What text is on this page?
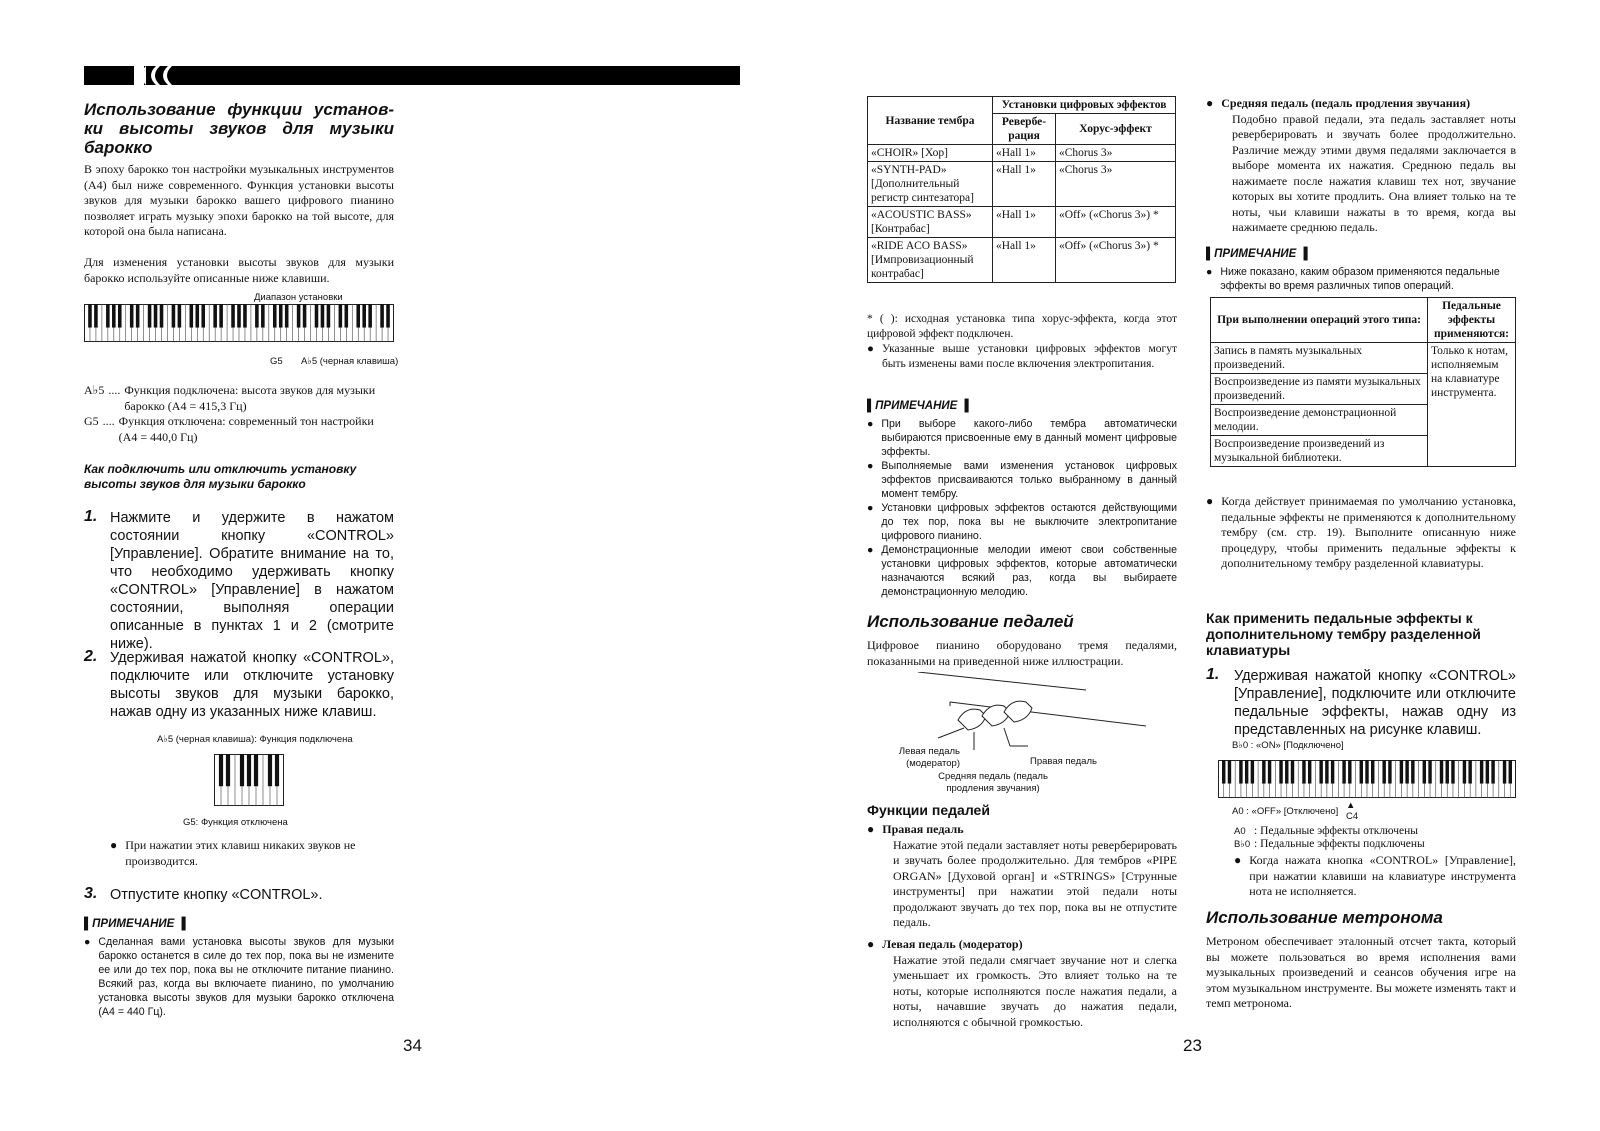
Использование функции установ-
ки высоты звуков для музыки
барокко
В эпоху барокко тон настройки музыкальных инструментов (A4) был ниже современного. Функция установки высоты звуков для музыки барокко вашего цифрового пианино позволяет играть музыку эпохи барокко на той высоте, для которой она была написана.
Для изменения установки высоты звуков для музыки барокко используйте описанные ниже клавиши.
Диапазон установки
G5 A♭5 (черная клавиша)
A♭5 .... Функция подключена: высота звуков для музыки барокко (А4 = 415,3 Гц)
G5 .... Функция отключена: современный тон настройки (А4 = 440,0 Гц)
Как подключить или отключить установку высоты звуков для музыки барокко
1. Нажмите и удержите в нажатом состоянии кнопку «CONTROL» [Управление]. Обратите внимание на то, что необходимо удерживать кнопку «CONTROL» [Управление] в нажатом состоянии, выполняя операции описанные в пунктах 1 и 2 (смотрите ниже).
2. Удерживая нажатой кнопку «CONTROL», подключите или отключите установку высоты звуков для музыки барокко, нажав одну из указанных ниже клавиш.
A♭5 (черная клавиша): Функция подключена
G5: Функция отключена
● При нажатии этих клавиш никаких звуков не производится.
3. Отпустите кнопку «CONTROL».
▌ПРИМЕЧАНИЕ ▐
● Сделанная вами установка высоты звуков для музыки барокко останется в силе до тех пор, пока вы не измените ее или до тех пор, пока вы не отключите питание пианино. Всякий раз, когда вы включаете пианино, по умолчанию установка высоты звуков для музыки барокко отключена (А4 = 440 Гц).
34
Название тембра	Установки цифровых эффектов	
	Ревербе-рация	Хорус-эффект
«CHOIR» [Хор]	«Hall 1»	«Chorus 3»
«SYNTH-PAD» [Дополнительный регистр синтезатора]	«Hall 1»	«Chorus 3»
«ACOUSTIC BASS» [Контрабас]	«Hall 1»	«Off» («Chorus 3») *
«RIDE ACO BASS» [Импровизационный контрабас]	«Hall 1»	«Off» («Chorus 3») *
* ( ): исходная установка типа хорус-эффекта, когда этот цифровой эффект подключен.
● Указанные выше установки цифровых эффектов могут быть изменены вами после включения электропитания.
▌ПРИМЕЧАНИЕ ▐
● При выборе какого-либо тембра автоматически выбираются присвоенные ему в данный момент цифровые эффекты.
● Выполняемые вами изменения установок цифровых эффектов присваиваются только выбранному в данный момент тембру.
● Установки цифровых эффектов остаются действующими до тех пор, пока вы не выключите электропитание цифрового пианино.
● Демонстрационные мелодии имеют свои собственные установки цифровых эффектов, которые автоматически назначаются всякий раз, когда вы выбираете демонстрационную мелодию.
Использование педалей
Цифровое пианино оборудовано тремя педалями, показанными на приведенной ниже иллюстрации.
Левая педаль (модератор)	Правая педаль
Средняя педаль (педаль продления звучания)
Функции педалей
● Правая педаль
Нажатие этой педали заставляет ноты реверберировать и звучать более продолжительно. Для тембров «PIPE ORGAN» [Духовой орган] и «STRINGS» [Струнные инструменты] при нажатии этой педали ноты продолжают звучать до тех пор, пока вы не отпустите педаль.
● Левая педаль (модератор)
Нажатие этой педали смягчает звучание нот и слегка уменьшает их громкость. Это влияет только на те ноты, которые исполняются после нажатия педали, а ноты, начавшие звучать до нажатия педали, исполняются с обычной громкостью.
23
● Средняя педаль (педаль продления звучания)
Подобно правой педали, эта педаль заставляет ноты реверберировать и звучать более продолжительно. Различие между этими двумя педалями заключается в выборе момента их нажатия. Среднюю педаль вы нажимаете после нажатия клавиш тех нот, звучание которых вы хотите продлить. Она влияет только на те ноты, чьи клавиши нажаты в то время, когда вы нажимаете среднюю педаль.
▌ПРИМЕЧАНИЕ ▐
● Ниже показано, каким образом применяются педальные эффекты во время различных типов операций.
При выполнении операций этого типа:	Педальные эффекты применяются:
Запись в память музыкальных произведений.	Только к нотам, исполняемым на клавиатуре инструмента.
Воспроизведение из памяти музыкальных произведений.	
Воспроизведение демонстрационной мелодии.	
Воспроизведение произведений из музыкальной библиотеки.	
● Когда действует принимаемая по умолчанию установка, педальные эффекты не применяются к дополнительному тембру (см. стр. 19). Выполните описанную ниже процедуру, чтобы применить педальные эффекты к дополнительному тембру разделенной клавиатуры.
Как применить педальные эффекты к дополнительному тембру разделенной клавиатуры
1. Удерживая нажатой кнопку «CONTROL» [Управление], подключите или отключите педальные эффекты, нажав одну из представленных на рисунке клавиш.
B♭0 : «ON» [Подключено]
▲
C4
A0 : «OFF» [Отключено]
A0 : Педальные эффекты отключены
B♭0 : Педальные эффекты подключены
● Когда нажата кнопка «CONTROL» [Управление], при нажатии клавиши на клавиатуре инструмента нота не исполняется.
Использование метронома
Метроном обеспечивает эталонный отсчет такта, который вы можете пользоваться во время исполнения вами музыкальных произведений и сеансов обучения игре на этом музыкальном инструменте. Вы можете изменять такт и темп метронома.
